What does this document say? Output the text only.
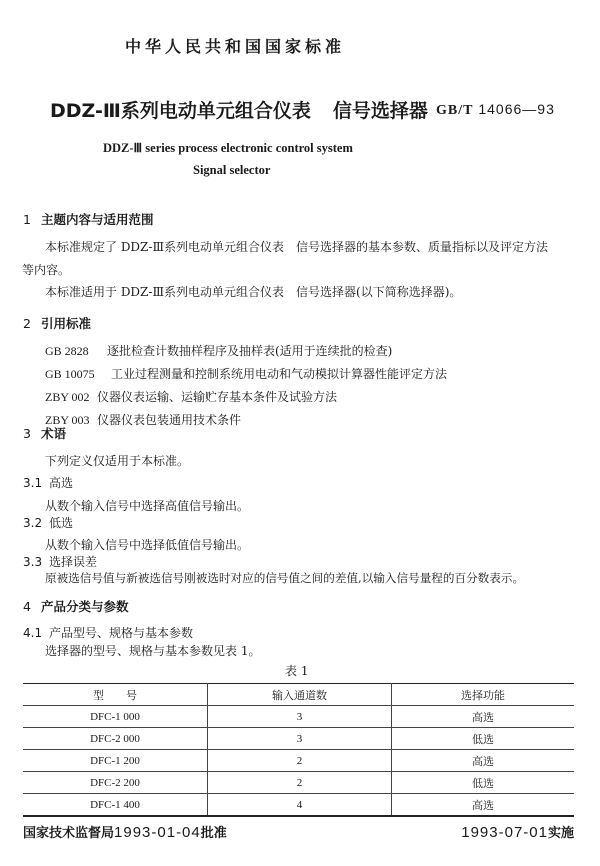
中华人民共和国国家标准
DDZ-Ⅲ系列电动单元组合仪表 信号选择器 GB/T 14066—93
DDZ-Ⅲ series process electronic control system
Signal selector
1 主题内容与适用范围
本标准规定了 DDZ-Ⅲ系列电动单元组合仪表　信号选择器的基本参数、质量指标以及评定方法
等内容。
本标准适用于 DDZ-Ⅲ系列电动单元组合仪表　信号选择器(以下简称选择器)。
2 引用标准
GB 2828 逐批检查计数抽样程序及抽样表(适用于连续批的检查)
GB 10075 工业过程测量和控制系统用电动和气动模拟计算器性能评定方法
ZBY 002 仪器仪表运输、运输贮存基本条件及试验方法
ZBY 003 仪器仪表包装通用技术条件
3 术语
下列定义仅适用于本标准。
3.1 高选
从数个输入信号中选择高值信号输出。
3.2 低选
从数个输入信号中选择低值信号输出。
3.3 选择误差
原被选信号值与新被选信号刚被选时对应的信号值之间的差值,以输入信号量程的百分数表示。
4 产品分类与参数
4.1 产品型号、规格与基本参数
选择器的型号、规格与基本参数见表 1。
表 1
型　　号	输入通道数	选择功能
DFC-1 000	3	高选
DFC-2 000	3	低选
DFC-1 200	2	高选
DFC-2 200	2	低选
DFC-1 400	4	高选
国家技术监督局1993-01-04批准	1993-07-01实施
